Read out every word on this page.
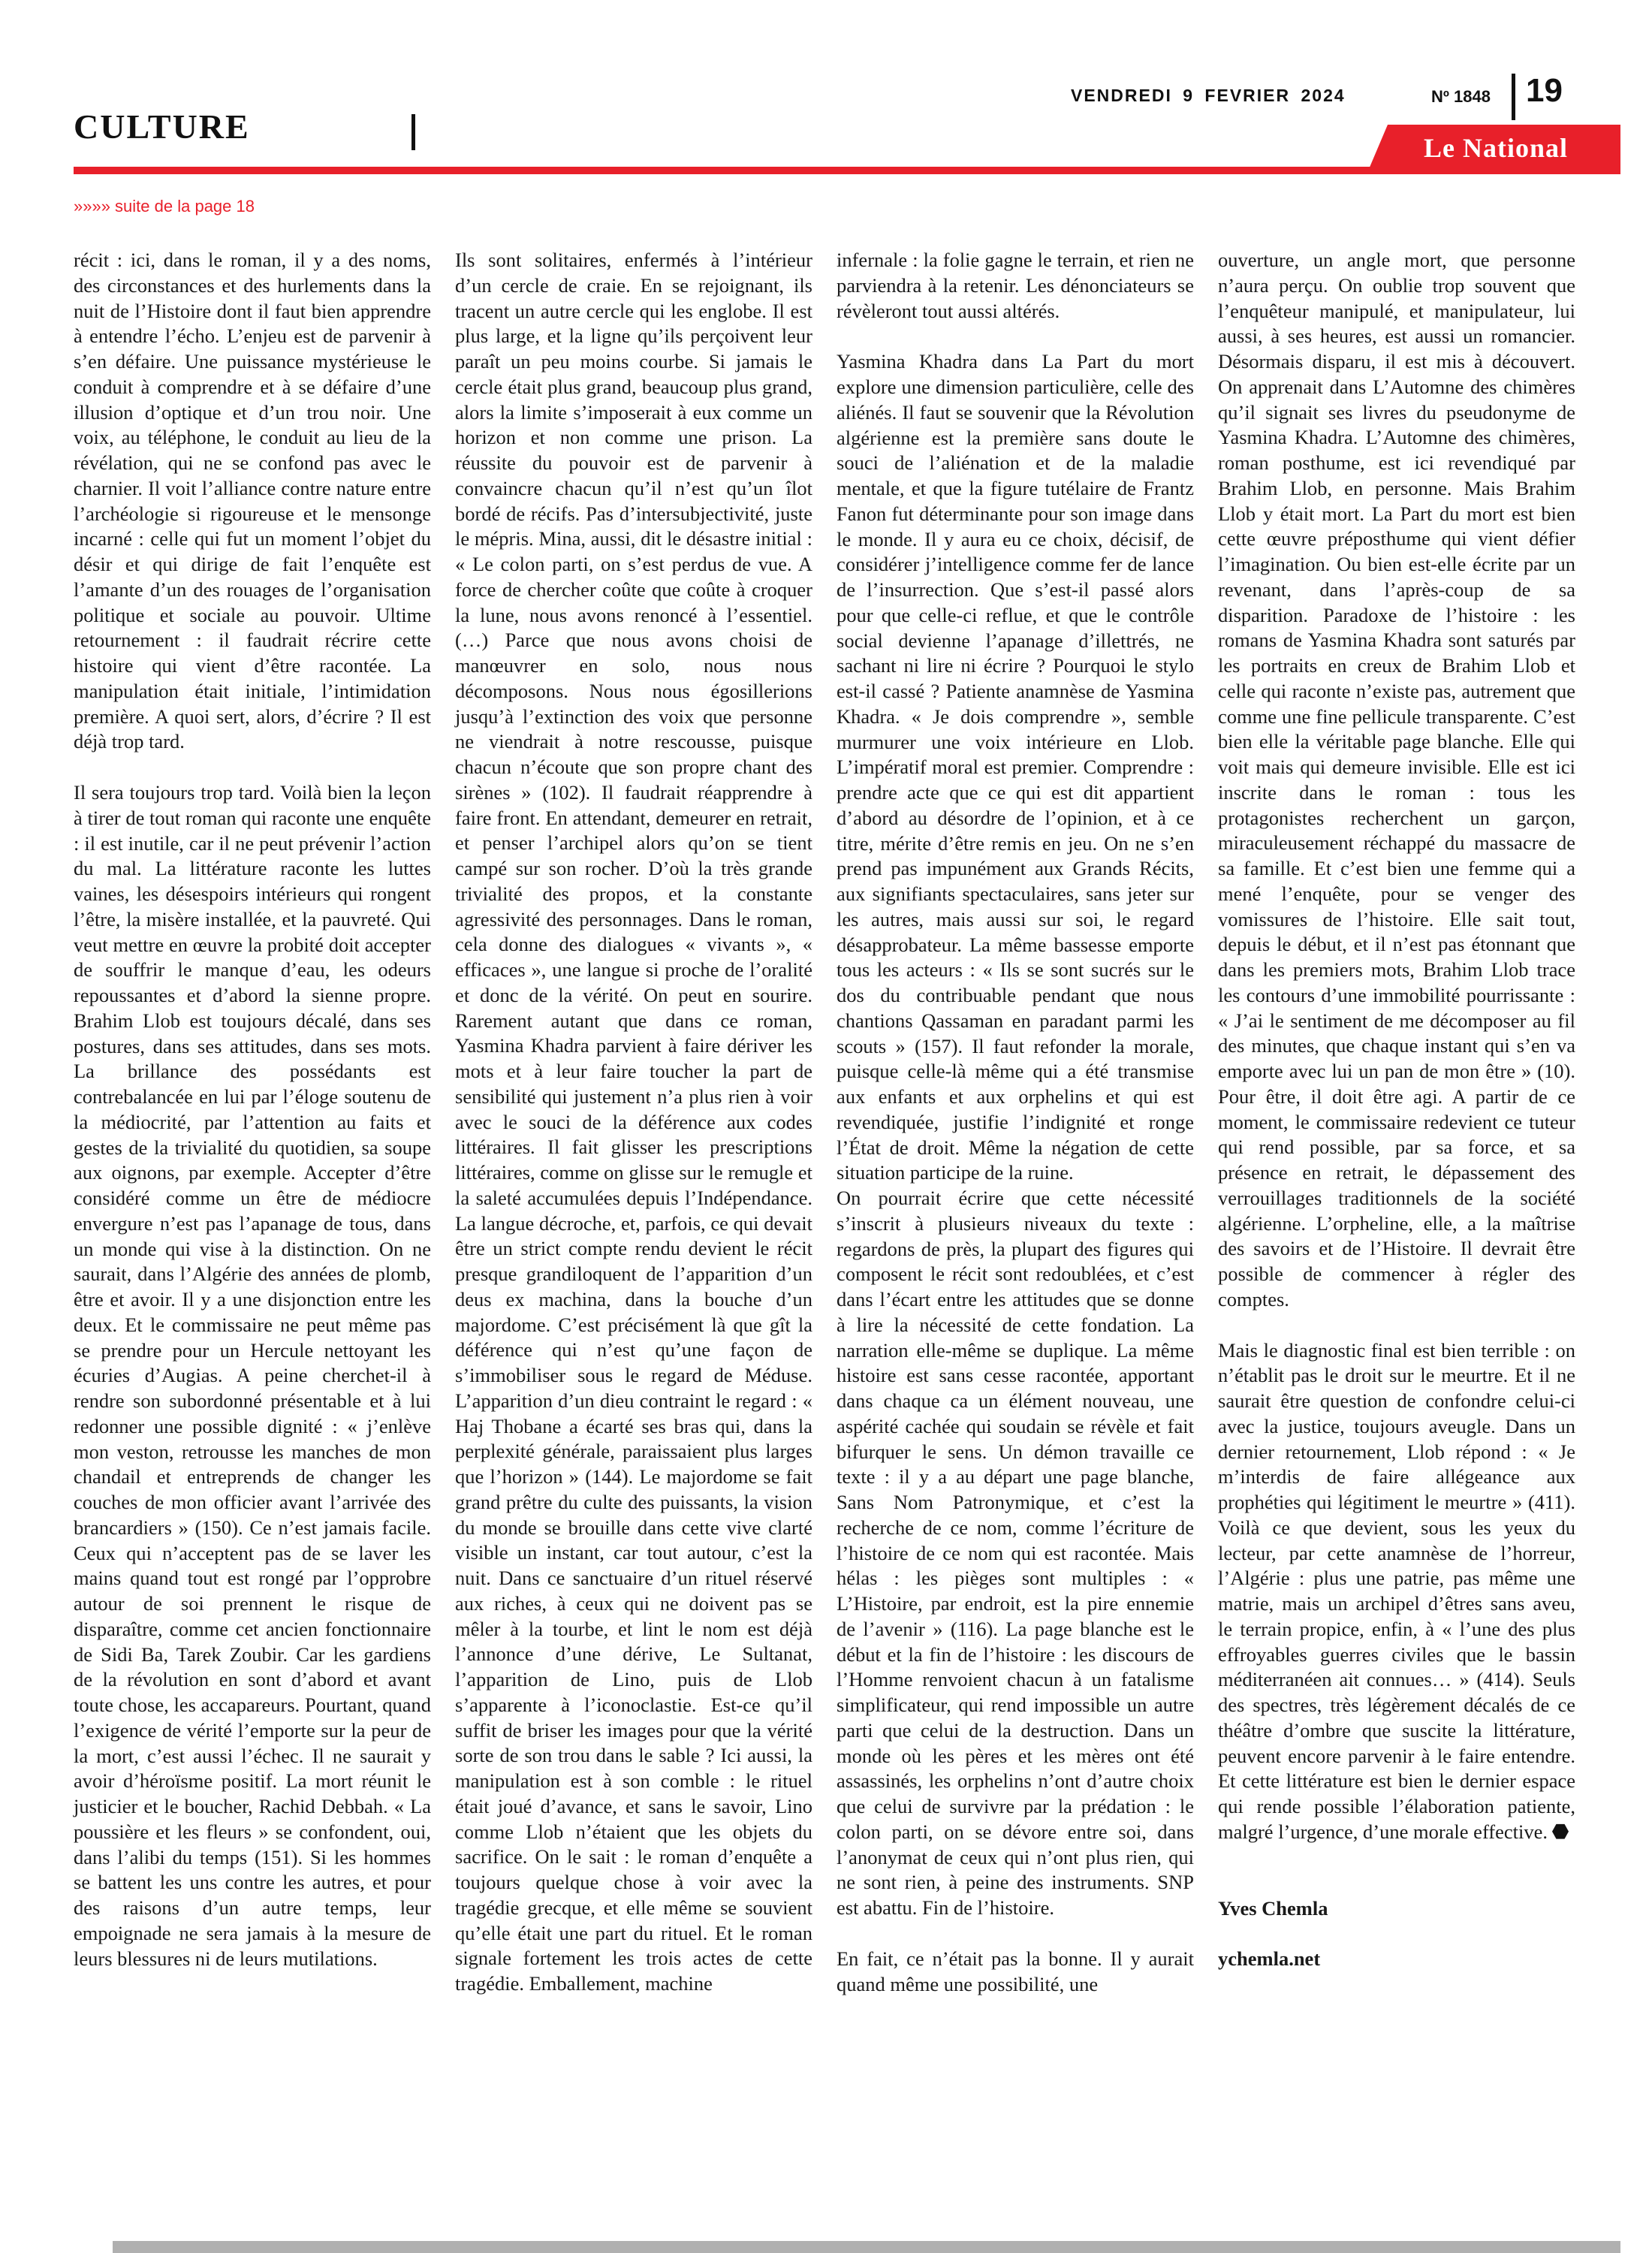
CULTURE
VENDREDI 9 FEVRIER 2024	Nº 1848 19
Le National
»»»» suite de la page 18

récit : ici, dans le roman, il y a des noms, des circonstances et des hurlements dans la nuit de l’Histoire dont il faut bien apprendre à entendre l’écho. L’enjeu est de parvenir à s’en défaire. Une puissance mystérieuse le conduit à comprendre et à se défaire d’une illusion d’optique et d’un trou noir. Une voix, au téléphone, le conduit au lieu de la révélation, qui ne se confond pas avec le charnier. Il voit l’alliance contre nature entre l’archéologie si rigoureuse et le mensonge incarné : celle qui fut un moment l’objet du désir et qui dirige de fait l’enquête est l’amante d’un des rouages de l’organisation politique et sociale au pouvoir. Ultime retournement : il faudrait récrire cette histoire qui vient d’être racontée. La manipulation était initiale, l’intimidation première. A quoi sert, alors, d’écrire ? Il est déjà trop tard.

Il sera toujours trop tard. Voilà bien la leçon à tirer de tout roman qui raconte une enquête : il est inutile, car il ne peut prévenir l’action du mal. La littérature raconte les luttes vaines, les désespoirs intérieurs qui rongent l’être, la misère installée, et la pauvreté. Qui veut mettre en œuvre la probité doit accepter de souffrir le manque d’eau, les odeurs repoussantes et d’abord la sienne propre. Brahim Llob est toujours décalé, dans ses postures, dans ses attitudes, dans ses mots. La brillance des possédants est contrebalancée en lui par l’éloge soutenu de la médiocrité, par l’attention au faits et gestes de la trivialité du quotidien, sa soupe aux oignons, par exemple. Accepter d’être considéré comme un être de médiocre envergure n’est pas l’apanage de tous, dans un monde qui vise à la distinction. On ne saurait, dans l’Algérie des années de plomb, être et avoir. Il y a une disjonction entre les deux. Et le commissaire ne peut même pas se prendre pour un Hercule nettoyant les écuries d’Augias. A peine cherchet-il à rendre son subordonné présentable et à lui redonner une possible dignité : « j’enlève mon veston, retrousse les manches de mon chandail et entreprends de changer les couches de mon officier avant l’arrivée des brancardiers » (150). Ce n’est jamais facile. Ceux qui n’acceptent pas de se laver les mains quand tout est rongé par l’opprobre autour de soi prennent le risque de disparaître, comme cet ancien fonctionnaire de Sidi Ba, Tarek Zoubir. Car les gardiens de la révolution en sont d’abord et avant toute chose, les accapareurs. Pourtant, quand l’exigence de vérité l’emporte sur la peur de la mort, c’est aussi l’échec. Il ne saurait y avoir d’héroïsme positif. La mort réunit le justicier et le boucher, Rachid Debbah. « La poussière et les fleurs » se confondent, oui, dans l’alibi du temps (151). Si les hommes se battent les uns contre les autres, et pour des raisons d’un autre temps, leur empoignade ne sera jamais à la mesure de leurs blessures ni de leurs mutilations.

Ils sont solitaires, enfermés à l’intérieur d’un cercle de craie. En se rejoignant, ils tracent un autre cercle qui les englobe. Il est plus large, et la ligne qu’ils perçoivent leur paraît un peu moins courbe. Si jamais le cercle était plus grand, beaucoup plus grand, alors la limite s’imposerait à eux comme un horizon et non comme une prison. La réussite du pouvoir est de parvenir à convaincre chacun qu’il n’est qu’un îlot bordé de récifs. Pas d’intersubjectivité, juste le mépris. Mina, aussi, dit le désastre initial : « Le colon parti, on s’est perdus de vue. A force de chercher coûte que coûte à croquer la lune, nous avons renoncé à l’essentiel. (…) Parce que nous avons choisi de manœuvrer en solo, nous nous décomposons. Nous nous égosillerions jusqu’à l’extinction des voix que personne ne viendrait à notre rescousse, puisque chacun n’écoute que son propre chant des sirènes » (102). Il faudrait réapprendre à faire front. En attendant, demeurer en retrait, et penser l’archipel alors qu’on se tient campé sur son rocher. D’où la très grande trivialité des propos, et la constante agressivité des personnages. Dans le roman, cela donne des dialogues « vivants », « efficaces », une langue si proche de l’oralité et donc de la vérité. On peut en sourire. Rarement autant que dans ce roman, Yasmina Khadra parvient à faire dériver les mots et à leur faire toucher la part de sensibilité qui justement n’a plus rien à voir avec le souci de la déférence aux codes littéraires. Il fait glisser les prescriptions littéraires, comme on glisse sur le remugle et la saleté accumulées depuis l’Indépendance. La langue décroche, et, parfois, ce qui devait être un strict compte rendu devient le récit presque grandiloquent de l’apparition d’un deus ex machina, dans la bouche d’un majordome. C’est précisément là que gît la déférence qui n’est qu’une façon de s’immobiliser sous le regard de Méduse. L’apparition d’un dieu contraint le regard : « Haj Thobane a écarté ses bras qui, dans la perplexité générale, paraissaient plus larges que l’horizon » (144). Le majordome se fait grand prêtre du culte des puissants, la vision du monde se brouille dans cette vive clarté visible un instant, car tout autour, c’est la nuit. Dans ce sanctuaire d’un rituel réservé aux riches, à ceux qui ne doivent pas se mêler à la tourbe, et lint le nom est déjà l’annonce d’une dérive, Le Sultanat, l’apparition de Lino, puis de Llob s’apparente à l’iconoclastie. Est-ce qu’il suffit de briser les images pour que la vérité sorte de son trou dans le sable ? Ici aussi, la manipulation est à son comble : le rituel était joué d’avance, et sans le savoir, Lino comme Llob n’étaient que les objets du sacrifice. On le sait : le roman d’enquête a toujours quelque chose à voir avec la tragédie grecque, et elle même se souvient qu’elle était une part du rituel. Et le roman signale fortement les trois actes de cette tragédie. Emballement, machine

infernale : la folie gagne le terrain, et rien ne parviendra à la retenir. Les dénonciateurs se révèleront tout aussi altérés.

Yasmina Khadra dans La Part du mort explore une dimension particulière, celle des aliénés. Il faut se souvenir que la Révolution algérienne est la première sans doute le souci de l’aliénation et de la maladie mentale, et que la figure tutélaire de Frantz Fanon fut déterminante pour son image dans le monde. Il y aura eu ce choix, décisif, de considérer j’intelligence comme fer de lance de l’insurrection. Que s’est-il passé alors pour que celle-ci reflue, et que le contrôle social devienne l’apanage d’illettrés, ne sachant ni lire ni écrire ? Pourquoi le stylo est-il cassé ? Patiente anamnèse de Yasmina Khadra. « Je dois comprendre », semble murmurer une voix intérieure en Llob. L’impératif moral est premier. Comprendre : prendre acte que ce qui est dit appartient d’abord au désordre de l’opinion, et à ce titre, mérite d’être remis en jeu. On ne s’en prend pas impunément aux Grands Récits, aux signifiants spectaculaires, sans jeter sur les autres, mais aussi sur soi, le regard désapprobateur. La même bassesse emporte tous les acteurs : « Ils se sont sucrés sur le dos du contribuable pendant que nous chantions Qassaman en paradant parmi les scouts » (157). Il faut refonder la morale, puisque celle-là même qui a été transmise aux enfants et aux orphelins et qui est revendiquée, justifie l’indignité et ronge l’État de droit. Même la négation de cette situation participe de la ruine.

On pourrait écrire que cette nécessité s’inscrit à plusieurs niveaux du texte : regardons de près, la plupart des figures qui composent le récit sont redoublées, et c’est dans l’écart entre les attitudes que se donne à lire la nécessité de cette fondation. La narration elle-même se duplique. La même histoire est sans cesse racontée, apportant dans chaque ca un élément nouveau, une aspérité cachée qui soudain se révèle et fait bifurquer le sens. Un démon travaille ce texte : il y a au départ une page blanche, Sans Nom Patronymique, et c’est la recherche de ce nom, comme l’écriture de l’histoire de ce nom qui est racontée. Mais hélas : les pièges sont multiples : « L’Histoire, par endroit, est la pire ennemie de l’avenir » (116). La page blanche est le début et la fin de l’histoire : les discours de l’Homme renvoient chacun à un fatalisme simplificateur, qui rend impossible un autre parti que celui de la destruction. Dans un monde où les pères et les mères ont été assassinés, les orphelins n’ont d’autre choix que celui de survivre par la prédation : le colon parti, on se dévore entre soi, dans l’anonymat de ceux qui n’ont plus rien, qui ne sont rien, à peine des instruments. SNP est abattu. Fin de l’histoire.

En fait, ce n’était pas la bonne. Il y aurait quand même une possibilité, une

ouverture, un angle mort, que personne n’aura perçu. On oublie trop souvent que l’enquêteur manipulé, et manipulateur, lui aussi, à ses heures, est aussi un romancier. Désormais disparu, il est mis à découvert. On apprenait dans L’Automne des chimères qu’il signait ses livres du pseudonyme de Yasmina Khadra. L’Automne des chimères, roman posthume, est ici revendiqué par Brahim Llob, en personne. Mais Brahim Llob y était mort. La Part du mort est bien cette œuvre préposthume qui vient défier l’imagination. Ou bien est-elle écrite par un revenant, dans l’après-coup de sa disparition. Paradoxe de l’histoire : les romans de Yasmina Khadra sont saturés par les portraits en creux de Brahim Llob et celle qui raconte n’existe pas, autrement que comme une fine pellicule transparente. C’est bien elle la véritable page blanche. Elle qui voit mais qui demeure invisible. Elle est ici inscrite dans le roman : tous les protagonistes recherchent un garçon, miraculeusement réchappé du massacre de sa famille. Et c’est bien une femme qui a mené l’enquête, pour se venger des vomissures de l’histoire. Elle sait tout, depuis le début, et il n’est pas étonnant que dans les premiers mots, Brahim Llob trace les contours d’une immobilité pourrissante : « J’ai le sentiment de me décomposer au fil des minutes, que chaque instant qui s’en va emporte avec lui un pan de mon être » (10). Pour être, il doit être agi. A partir de ce moment, le commissaire redevient ce tuteur qui rend possible, par sa force, et sa présence en retrait, le dépassement des verrouillages traditionnels de la société algérienne. L’orpheline, elle, a la maîtrise des savoirs et de l’Histoire. Il devrait être possible de commencer à régler des comptes.

Mais le diagnostic final est bien terrible : on n’établit pas le droit sur le meurtre. Et il ne saurait être question de confondre celui-ci avec la justice, toujours aveugle. Dans un dernier retournement, Llob répond : « Je m’interdis de faire allégeance aux prophéties qui légitiment le meurtre » (411). Voilà ce que devient, sous les yeux du lecteur, par cette anamnèse de l’horreur, l’Algérie : plus une patrie, pas même une matrie, mais un archipel d’êtres sans aveu, le terrain propice, enfin, à « l’une des plus effroyables guerres civiles que le bassin méditerranéen ait connues… » (414). Seuls des spectres, très légèrement décalés de ce théâtre d’ombre que suscite la littérature, peuvent encore parvenir à le faire entendre. Et cette littérature est bien le dernier espace qui rende possible l’élaboration patiente, malgré l’urgence, d’une morale effective.

Yves Chemla

ychemla.net
